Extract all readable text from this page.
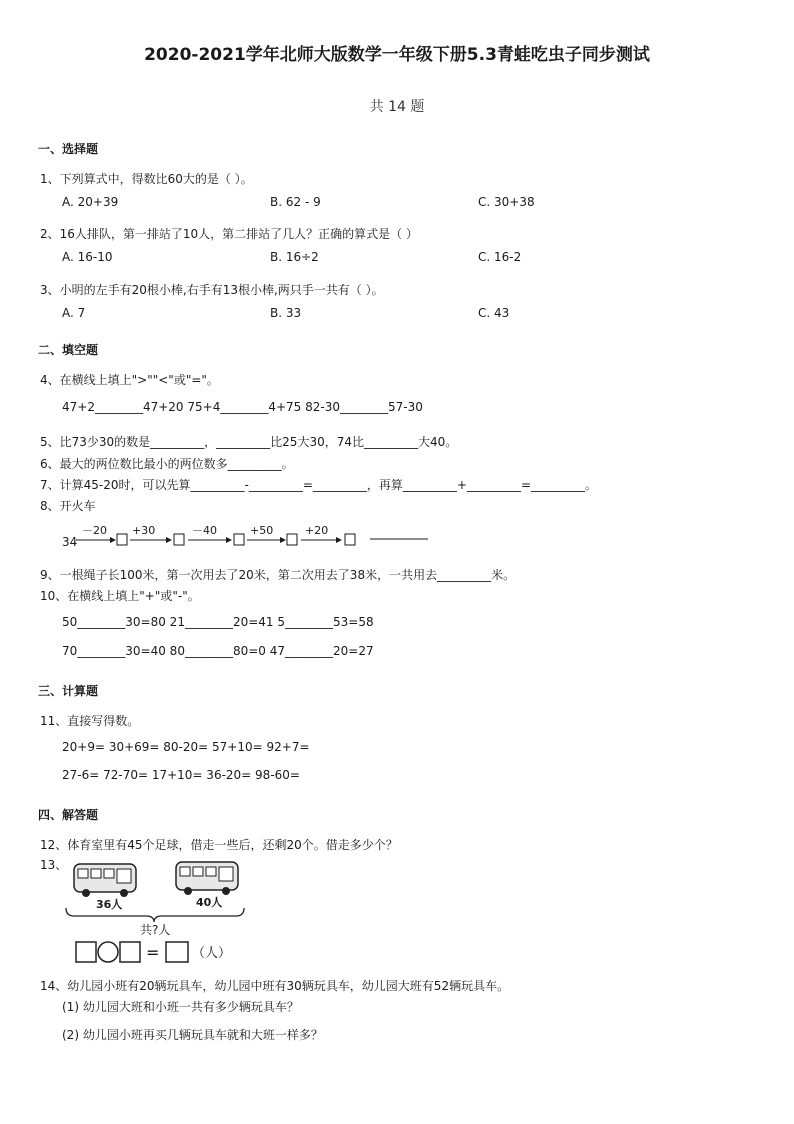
2020-2021学年北师大版数学一年级下册5.3青蛙吃虫子同步测试
共 14 题
一、选择题
1、下列算式中，得数比60大的是（ ）。
A. 20+39	B. 62 - 9	C. 30+38
2、16人排队，第一排站了10人，第二排站了几人？正确的算式是（ ）
A. 16-10	B. 16÷2	C. 16-2
3、小明的左手有20根小棒,右手有13根小棒,两只手一共有（ ）。
A. 7	B. 33	C. 43
二、填空题
4、在横线上填上">""<"或"="。
47+2________47+20 75+4________4+75 82-30________57-30
5、比73少30的数是_________，_________比25大30，74比_________大40。
6、最大的两位数比最小的两位数多_________。
7、计算45-20时，可以先算_________-_________=_________，再算_________+_________=_________。
8、开火车
34
－20 +30	－40	+50	+20
9、一根绳子长100米，第一次用去了20米，第二次用去了38米，一共用去_________米。
10、在横线上填上"+"或"-"。
50________30=80 21________20=41 5________53=58
70________30=40 80________80=0 47________20=27
三、计算题
11、直接写得数。
20+9= 30+69= 80-20= 57+10= 92+7=
27-6= 72-70= 17+10= 36-20= 98-60=
四、解答题
12、体育室里有45个足球，借走一些后，还剩20个。借走多少个？
13、
36人	40人
共?人
=	（人）
14、幼儿园小班有20辆玩具车，幼儿园中班有30辆玩具车，幼儿园大班有52辆玩具车。
(1) 幼儿园大班和小班一共有多少辆玩具车？
(2) 幼儿园小班再买几辆玩具车就和大班一样多？
